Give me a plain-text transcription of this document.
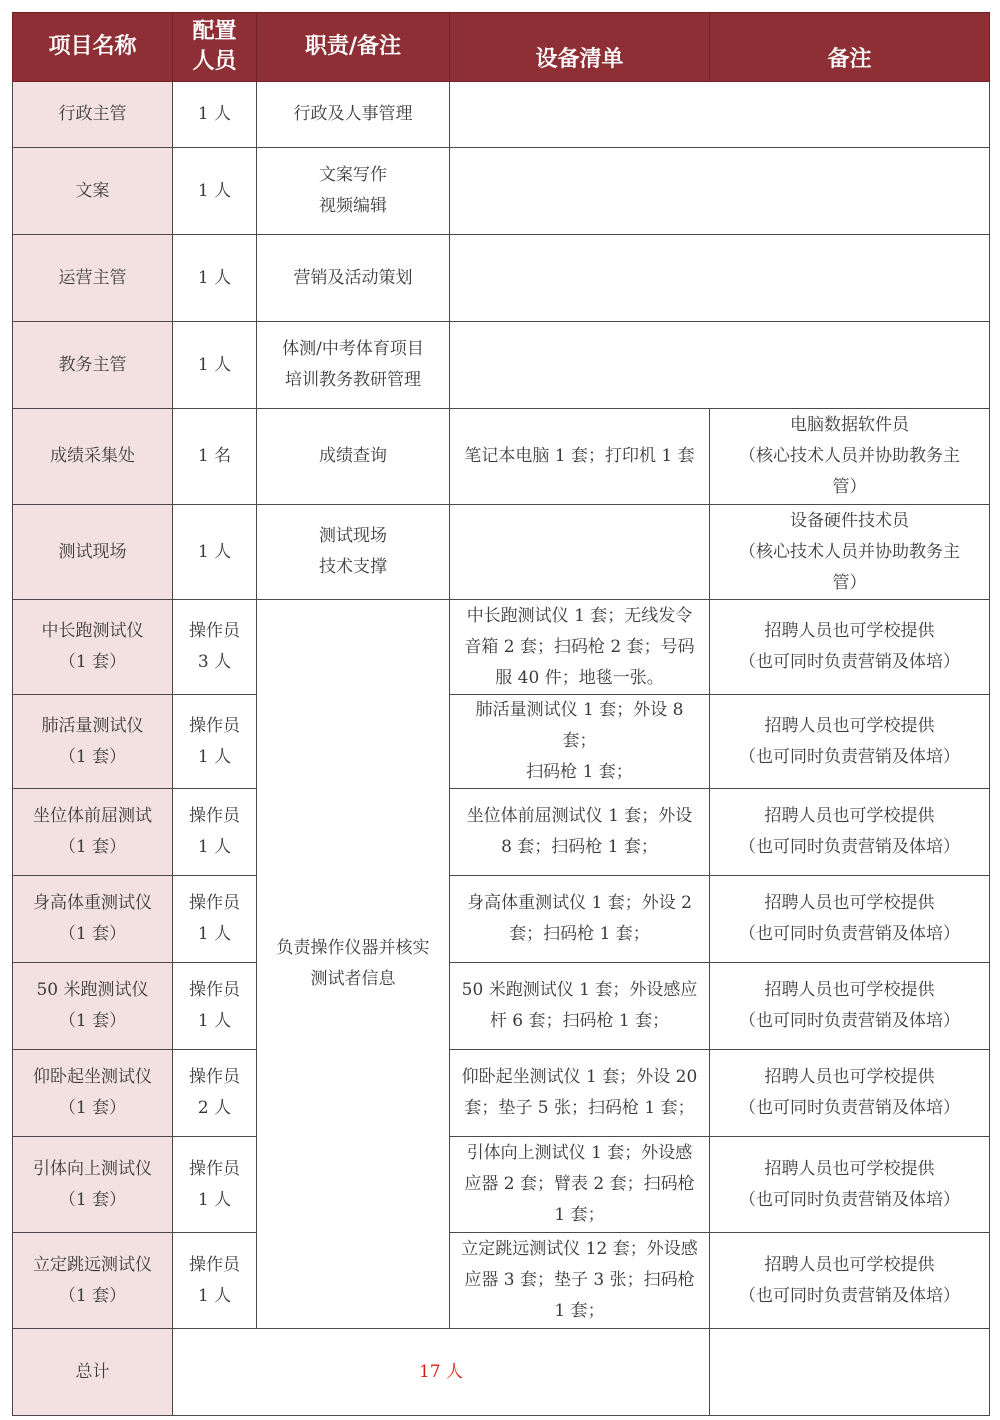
项目名称	配置
人员	职责/备注	设备清单	备注

行政主管	1 人	行政及人事管理		

文案	1 人	文案写作
视频编辑		

运营主管	1 人	营销及活动策划		

教务主管	1 人	体测/中考体育项目
培训教务教研管理		

成绩采集处	1 名	成绩查询	笔记本电脑 1 套；打印机 1 套	电脑数据软件员
（核心技术人员并协助教务主
管）

测试现场	1 人	测试现场
技术支撑		设备硬件技术员
（核心技术人员并协助教务主
管）

中长跑测试仪
（1 套）	操作员
3 人	负责操作仪器并核实
测试者信息	中长跑测试仪 1 套；无线发令
音箱 2 套；扫码枪 2 套；号码
服 40 件；地毯一张。	招聘人员也可学校提供
（也可同时负责营销及体培）

肺活量测试仪
（1 套）	操作员
1 人		肺活量测试仪 1 套；外设 8 套；
扫码枪 1 套；	招聘人员也可学校提供
（也可同时负责营销及体培）

坐位体前屈测试
（1 套）	操作员
1 人		坐位体前屈测试仪 1 套；外设
8 套；扫码枪 1 套；	招聘人员也可学校提供
（也可同时负责营销及体培）

身高体重测试仪
（1 套）	操作员
1 人		身高体重测试仪 1 套；外设 2
套；扫码枪 1 套；	招聘人员也可学校提供
（也可同时负责营销及体培）

50 米跑测试仪
（1 套）	操作员
1 人		50 米跑测试仪 1 套；外设感应
杆 6 套；扫码枪 1 套；	招聘人员也可学校提供
（也可同时负责营销及体培）

仰卧起坐测试仪
（1 套）	操作员
2 人		仰卧起坐测试仪 1 套；外设 20
套；垫子 5 张；扫码枪 1 套；	招聘人员也可学校提供
（也可同时负责营销及体培）

引体向上测试仪
（1 套）	操作员
1 人		引体向上测试仪 1 套；外设感
应器 2 套；臂表 2 套；扫码枪
1 套；	招聘人员也可学校提供
（也可同时负责营销及体培）

立定跳远测试仪
（1 套）	操作员
1 人		立定跳远测试仪 12 套；外设感
应器 3 套；垫子 3 张；扫码枪
1 套；	招聘人员也可学校提供
（也可同时负责营销及体培）

总计	17 人			
